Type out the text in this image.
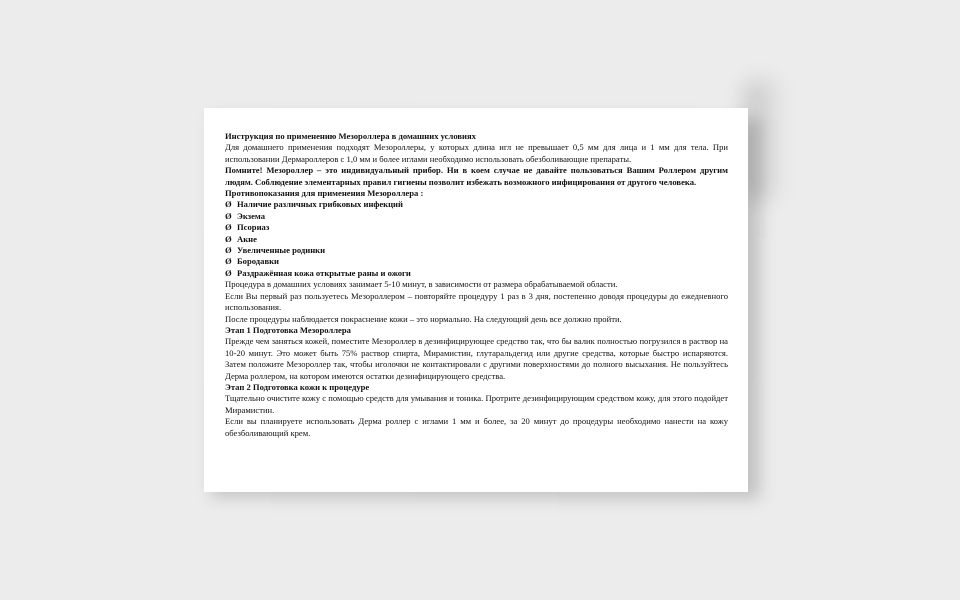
Инструкция по применению Мезороллера в домашних условиях

Для домашнего применения подходят Мезороллеры, у которых длина игл не превышает 0,5 мм для лица и 1 мм для тела. При использовании Дермароллеров с 1,0 мм и более иглами необходимо использовать обезболивающие препараты.

Помните! Мезороллер – это индивидуальный прибор. Ни в коем случае не давайте пользоваться Вашим Роллером другим людям. Соблюдение элементарных правил гигиены позволит избежать возможного инфицирования от другого человека.

Противопоказания для применения Мезороллера :

Ø Наличие различных грибковых инфекций
Ø Экзема
Ø Псориаз
Ø Акне
Ø Увеличенные родинки
Ø Бородавки
Ø Раздражённая кожа открытые раны и ожоги

Процедура в домашних условиях занимает 5-10 минут, в зависимости от размера обрабатываемой области.

Если Вы первый раз пользуетесь Мезороллером – повторяйте процедуру 1 раз в 3 дня, постепенно доводя процедуры до ежедневного использования.

После процедуры наблюдается покраснение кожи – это нормально. На следующий день все должно пройти.

Этап 1 Подготовка Мезороллера

Прежде чем заняться кожей, поместите Мезороллер в дезинфицирующее средство так, что бы валик полностью погрузился в раствор на 10-20 минут. Это может быть 75% раствор спирта, Мирамистин, глутаральдегид или другие средства, которые быстро испаряются. Затем положите Мезороллер так, чтобы иголочки не контактировали с другими поверхностями до полного высыхания. Не пользуйтесь Дерма роллером, на котором имеются остатки дезинфицирующего средства.

Этап 2 Подготовка кожи к процедуре

Тщательно очистите кожу с помощью средств для умывания и тоника. Протрите дезинфицирующим средством кожу, для этого подойдет Мирамистин.

Если вы планируете использовать Дерма роллер с иглами 1 мм и более, за 20 минут до процедуры необходимо нанести на кожу обезболивающий крем.
